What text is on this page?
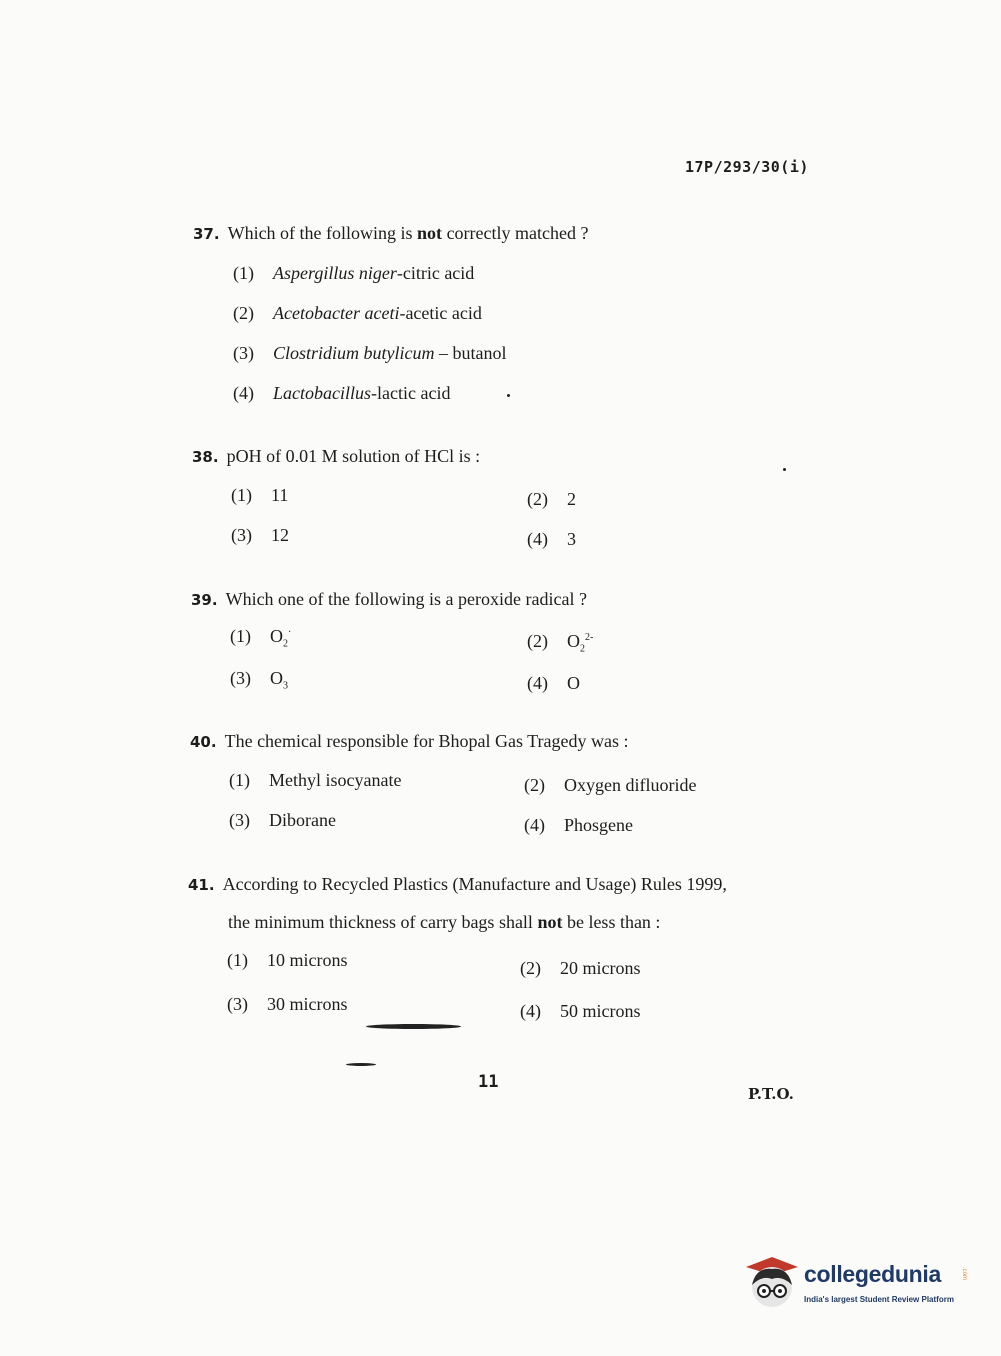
17P/293/30(i)
37. Which of the following is not correctly matched ?
(1) Aspergillus niger-citric acid
(2) Acetobacter aceti-acetic acid
(3) Clostridium butylicum – butanol
(4) Lactobacillus-lactic acid
38. pOH of 0.01 M solution of HCl is :
(1) 11	(2) 2
(3) 12	(4) 3
39. Which one of the following is a peroxide radical ?
(1) $O_2^\cdot$	(2) $O_2^{2-}$
(3) $O_3$	(4) O
40. The chemical responsible for Bhopal Gas Tragedy was :
(1) Methyl isocyanate	(2) Oxygen difluoride
(3) Diborane	(4) Phosgene
41. According to Recycled Plastics (Manufacture and Usage) Rules 1999,
the minimum thickness of carry bags shall not be less than :
(1) 10 microns	(2) 20 microns
(3) 30 microns	(4) 50 microns
11
P.T.O.
collegedunia	.com
India's largest Student Review Platform
